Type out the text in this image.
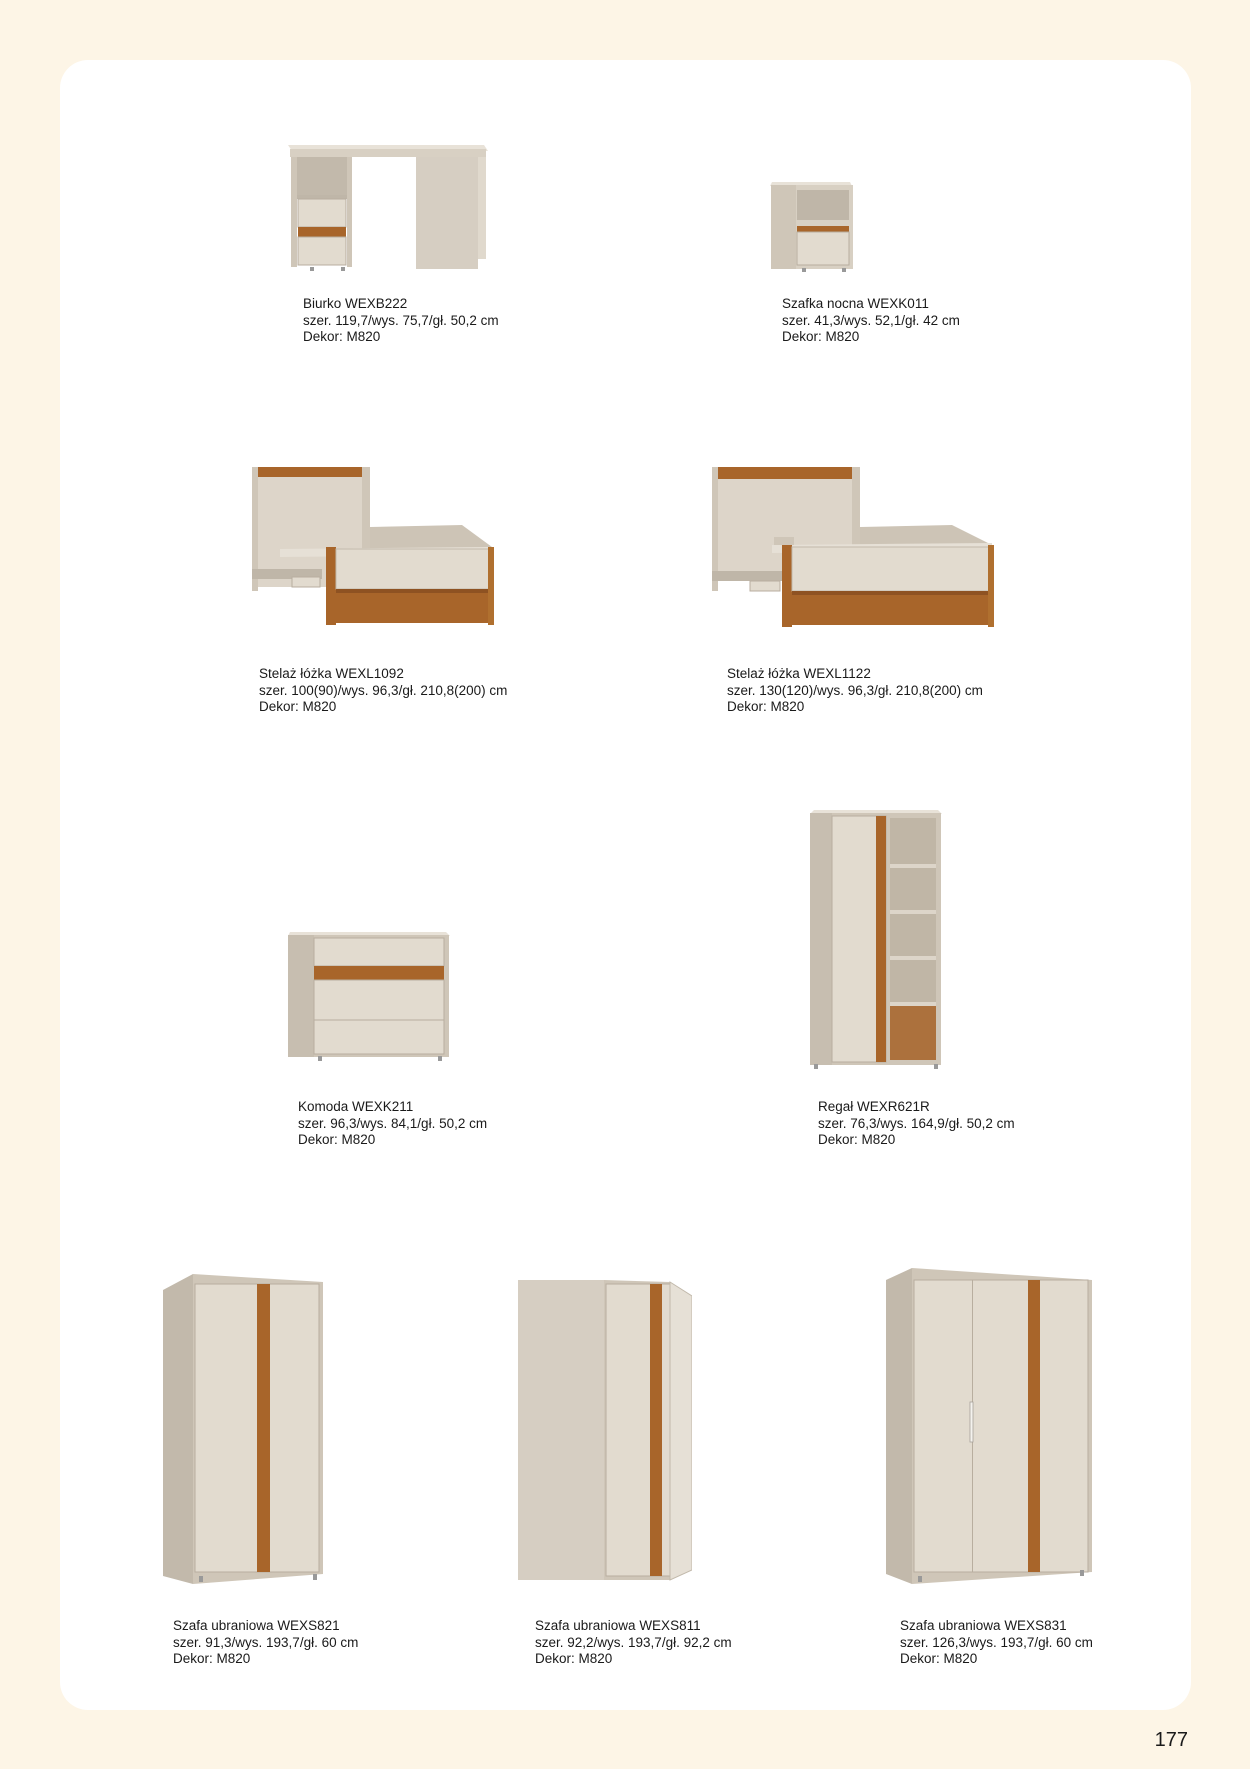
Biurko WEXB222
szer. 119,7/wys. 75,7/gł. 50,2 cm
Dekor: M820
Szafka nocna WEXK011
szer. 41,3/wys. 52,1/gł. 42 cm
Dekor: M820
Stelaż łóżka WEXL1092
szer. 100(90)/wys. 96,3/gł. 210,8(200) cm
Dekor: M820
Stelaż łóżka WEXL1122
szer. 130(120)/wys. 96,3/gł. 210,8(200) cm
Dekor: M820
Komoda WEXK211
szer. 96,3/wys. 84,1/gł. 50,2 cm
Dekor: M820
Regał WEXR621R
szer. 76,3/wys. 164,9/gł. 50,2 cm
Dekor: M820
Szafa ubraniowa WEXS821
szer. 91,3/wys. 193,7/gł. 60 cm
Dekor: M820
Szafa ubraniowa WEXS811
szer. 92,2/wys. 193,7/gł. 92,2 cm
Dekor: M820
Szafa ubraniowa WEXS831
szer. 126,3/wys. 193,7/gł. 60 cm
Dekor: M820
177
